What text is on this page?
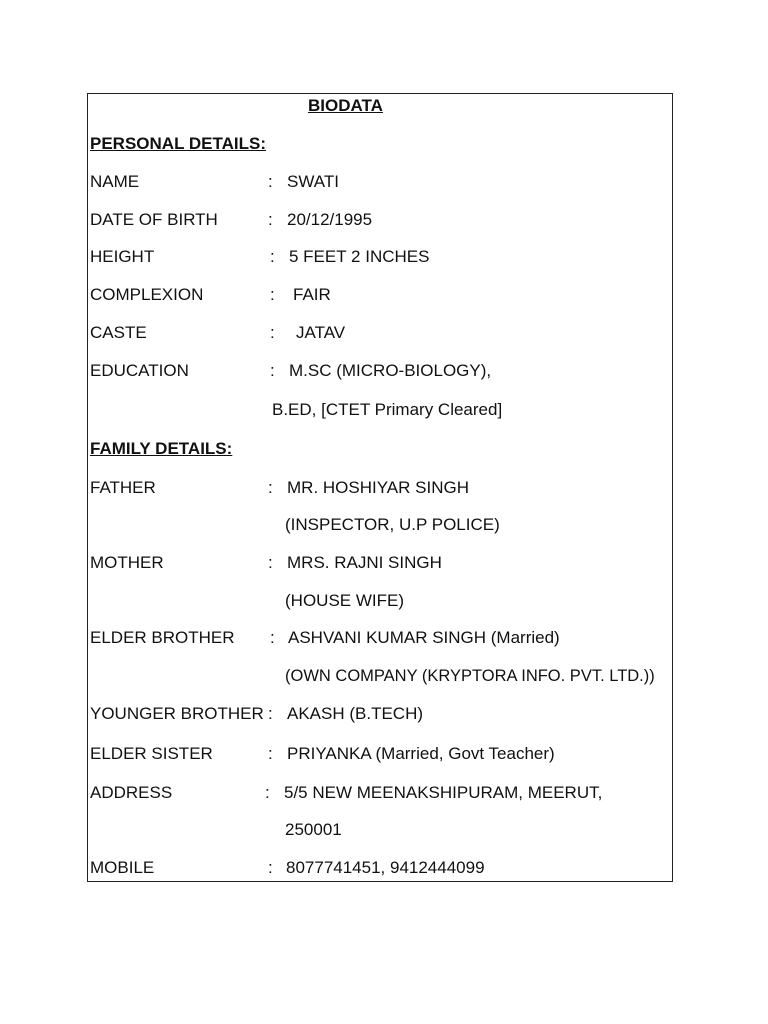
BIODATA
PERSONAL DETAILS:
NAME	: SWATI
DATE OF BIRTH	: 20/12/1995
HEIGHT	: 5 FEET 2 INCHES
COMPLEXION	: FAIR
CASTE	: JATAV
EDUCATION	: M.SC (MICRO-BIOLOGY),
B.ED, [CTET Primary Cleared]
FAMILY DETAILS:
FATHER	: MR. HOSHIYAR SINGH
(INSPECTOR, U.P POLICE)
MOTHER	: MRS. RAJNI SINGH
(HOUSE WIFE)
ELDER BROTHER : ASHVANI KUMAR SINGH (Married)
(OWN COMPANY (KRYPTORA INFO. PVT. LTD.))
YOUNGER BROTHER : AKASH (B.TECH)
ELDER SISTER	: PRIYANKA (Married, Govt Teacher)
ADDRESS	: 5/5 NEW MEENAKSHIPURAM, MEERUT,
250001
MOBILE	: 8077741451, 9412444099
